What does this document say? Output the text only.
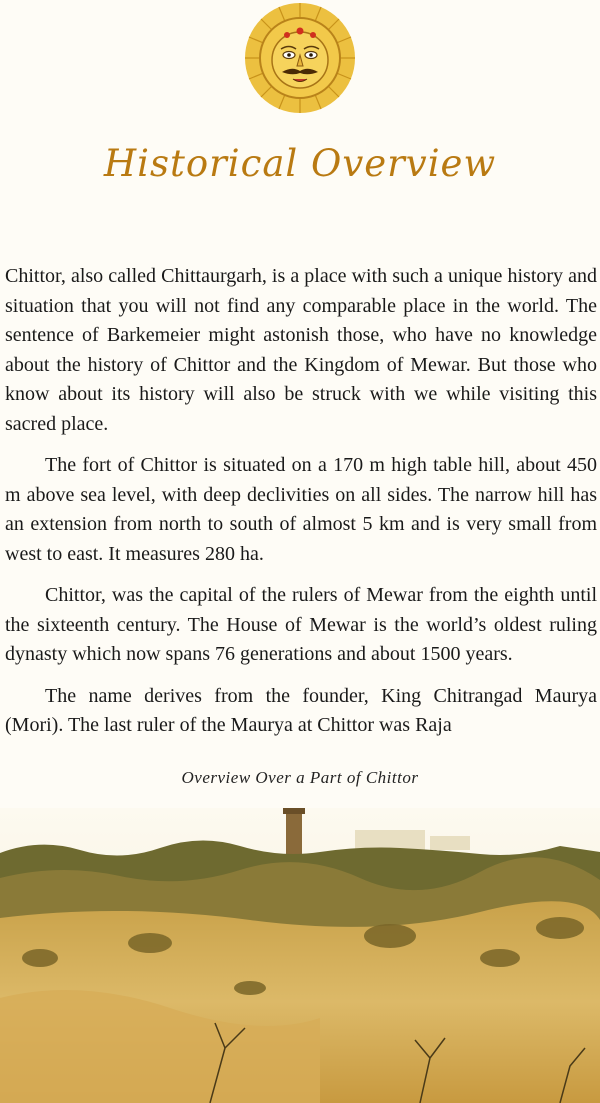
Historical Overview

Chittor, also called Chittaurgarh, is a place with such a unique history and situation that you will not find any comparable place in the world. The sentence of Barkemeier might astonish those, who have no knowledge about the history of Chittor and the Kingdom of Mewar. But those who know about its history will also be struck with we while visiting this sacred place.

The fort of Chittor is situated on a 170 m high table hill, about 450 m above sea level, with deep declivities on all sides. The narrow hill has an extension from north to south of almost 5 km and is very small from west to east. It measures 280 ha.

Chittor, was the capital of the rulers of Mewar from the eighth until the sixteenth century. The House of Mewar is the world’s oldest ruling dynasty which now spans 76 generations and about 1500 years.

The name derives from the founder, King Chitrangad Maurya (Mori). The last ruler of the Maurya at Chittor was Raja

Overview Over a Part of Chittor
